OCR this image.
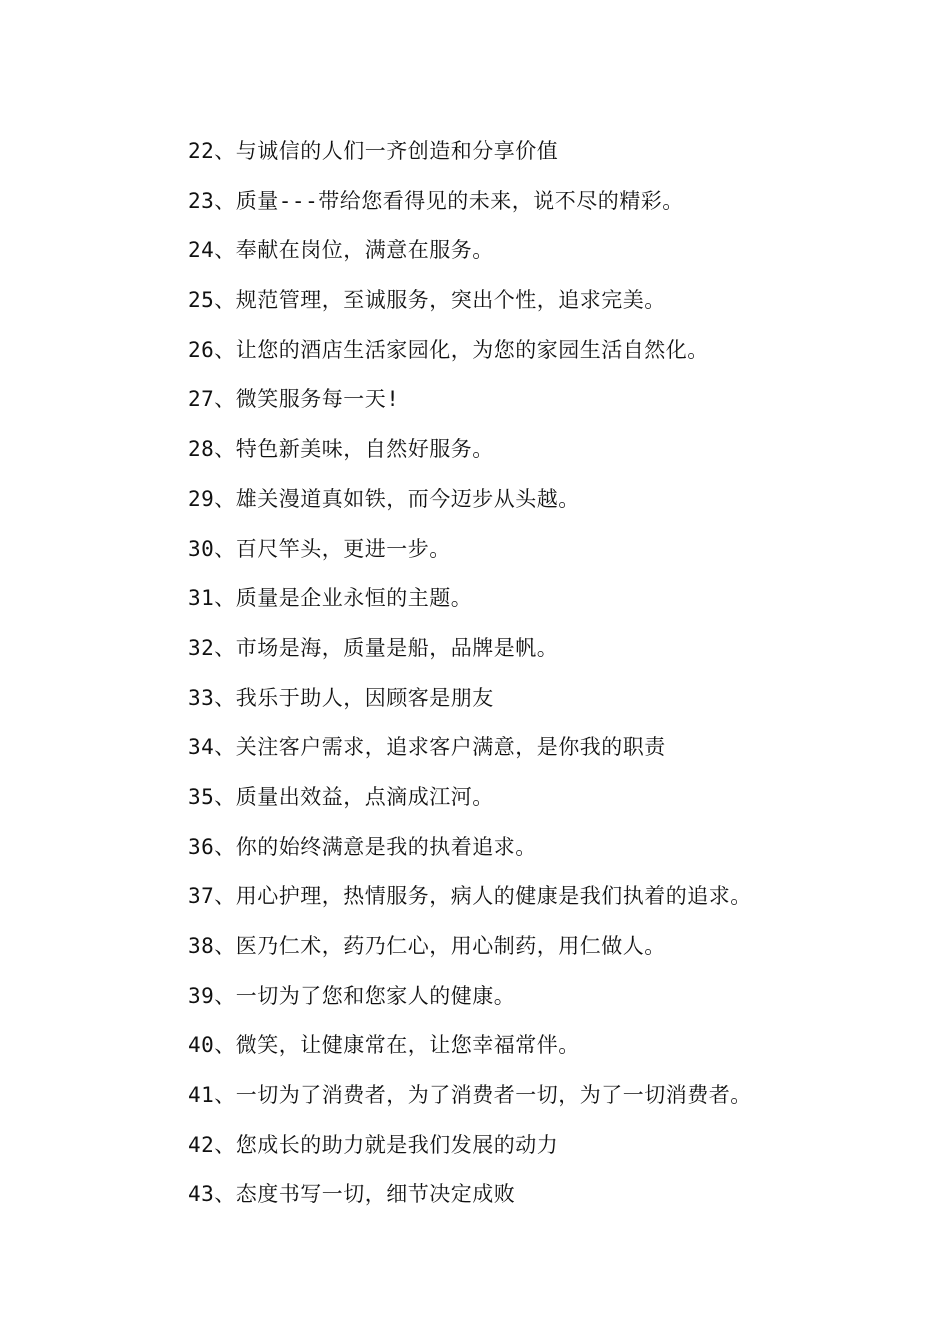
22、与诚信的人们一齐创造和分享价值
23、质量---带给您看得见的未来，说不尽的精彩。
24、奉献在岗位，满意在服务。
25、规范管理，至诚服务，突出个性，追求完美。
26、让您的酒店生活家园化，为您的家园生活自然化。
27、微笑服务每一天!
28、特色新美味，自然好服务。
29、雄关漫道真如铁，而今迈步从头越。
30、百尺竿头，更进一步。
31、质量是企业永恒的主题。
32、市场是海，质量是船，品牌是帆。
33、我乐于助人，因顾客是朋友
34、关注客户需求，追求客户满意，是你我的职责
35、质量出效益，点滴成江河。
36、你的始终满意是我的执着追求。
37、用心护理，热情服务，病人的健康是我们执着的追求。
38、医乃仁术，药乃仁心，用心制药，用仁做人。
39、一切为了您和您家人的健康。
40、微笑，让健康常在，让您幸福常伴。
41、一切为了消费者，为了消费者一切，为了一切消费者。
42、您成长的助力就是我们发展的动力
43、态度书写一切，细节决定成败
